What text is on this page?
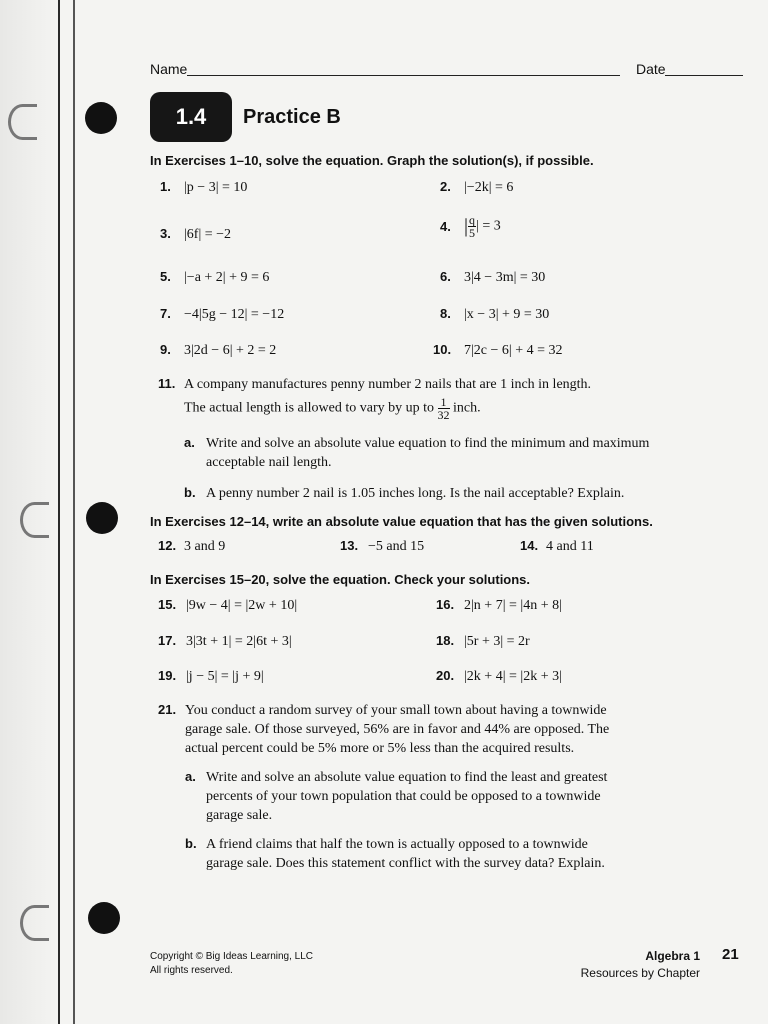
Name	Date
1.4	Practice B
In Exercises 1–10, solve the equation. Graph the solution(s), if possible.
1. |p − 3| = 10	2. |−2k| = 6
3. |6f| = −2
4. | $\frac{q}{5}$ | = 3
5. |−a + 2| + 9 = 6	6. 3|4 − 3m| = 30
7. −4|5g − 12| = −12	8. |x − 3| + 9 = 30
9. 3|2d − 6| + 2 = 2	10. 7|2c − 6| + 4 = 32
11. A company manufactures penny number 2 nails that are 1 inch in length.
The actual length is allowed to vary by up to $\frac{1}{32}$ inch.
a. Write and solve an absolute value equation to find the minimum and maximum
acceptable nail length.
b. A penny number 2 nail is 1.05 inches long. Is the nail acceptable? Explain.
In Exercises 12–14, write an absolute value equation that has the given solutions.
12. 3 and 9	13. −5 and 15	14. 4 and 11
In Exercises 15–20, solve the equation. Check your solutions.
15. |9w − 4| = |2w + 10|	16. 2|n + 7| = |4n + 8|
17. 3|3t + 1| = 2|6t + 3|	18. |5r + 3| = 2r
19. |j − 5| = |j + 9|	20. |2k + 4| = |2k + 3|
21. You conduct a random survey of your small town about having a townwide
garage sale. Of those surveyed, 56% are in favor and 44% are opposed. The
actual percent could be 5% more or 5% less than the acquired results.
a. Write and solve an absolute value equation to find the least and greatest
percents of your town population that could be opposed to a townwide
garage sale.
b. A friend claims that half the town is actually opposed to a townwide
garage sale. Does this statement conflict with the survey data? Explain.
Copyright © Big Ideas Learning, LLC
All rights reserved.
Algebra 1
Resources by Chapter
21
